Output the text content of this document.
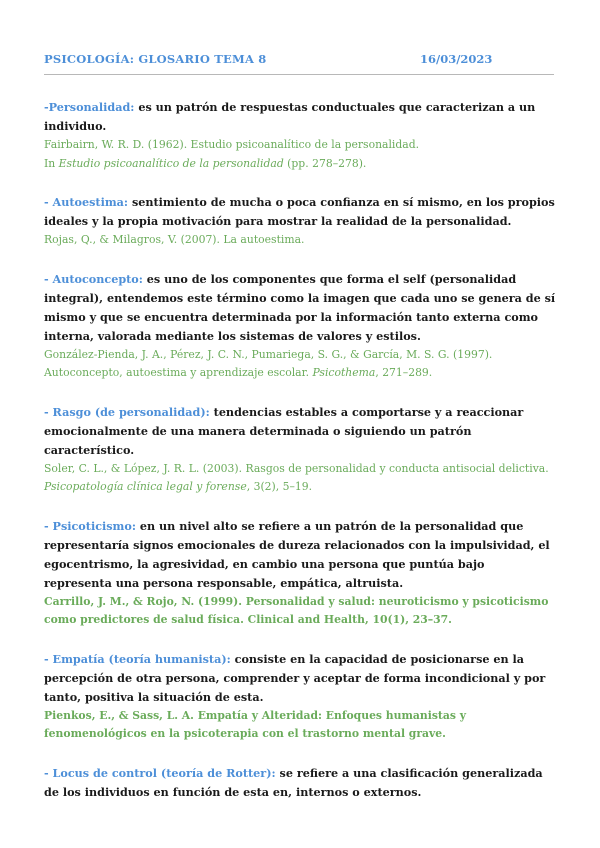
PSICOLOGÍA: GLOSARIO TEMA 8	16/03/2023

-Personalidad: es un patrón de respuestas conductuales que caracterizan a un individuo.

Fairbairn, W. R. D. (1962). Estudio psicoanalítico de la personalidad.
In Estudio psicoanalítico de la personalidad (pp. 278–278).

- Autoestima: sentimiento de mucha o poca confianza en sí mismo, en los propios ideales y la propia motivación para mostrar la realidad de la personalidad.

Rojas, Q., & Milagros, V. (2007). La autoestima.

- Autoconcepto: es uno de los componentes que forma el self (personalidad integral), entendemos este término como la imagen que cada uno se genera de sí mismo y que se encuentra determinada por la información tanto externa como interna, valorada mediante los sistemas de valores y estilos.

González-Pienda, J. A., Pérez, J. C. N., Pumariega, S. G., & García, M. S. G. (1997). Autoconcepto, autoestima y aprendizaje escolar. Psicothema, 271–289.

- Rasgo (de personalidad): tendencias estables a comportarse y a reaccionar emocionalmente de una manera determinada o siguiendo un patrón característico.

Soler, C. L., & López, J. R. L. (2003). Rasgos de personalidad y conducta antisocial delictiva.
Psicopatología clínica legal y forense, 3(2), 5–19.

- Psicoticismo: en un nivel alto se refiere a un patrón de la personalidad que representaría signos emocionales de dureza relacionados con la impulsividad, el egocentrismo, la agresividad, en cambio una persona que puntúa bajo representa una persona responsable, empática, altruista.

Carrillo, J. M., & Rojo, N. (1999). Personalidad y salud: neuroticismo y psicoticismo como predictores de salud física. Clinical and Health, 10(1), 23–37.

- Empatía (teoría humanista): consiste en la capacidad de posicionarse en la percepción de otra persona, comprender y aceptar de forma incondicional y por tanto, positiva la situación de esta.

Pienkos, E., & Sass, L. A. Empatía y Alteridad: Enfoques humanistas y fenomenológicos en la psicoterapia con el trastorno mental grave.

- Locus de control (teoría de Rotter): se refiere a una clasificación generalizada de los individuos en función de esta en, internos o externos.
